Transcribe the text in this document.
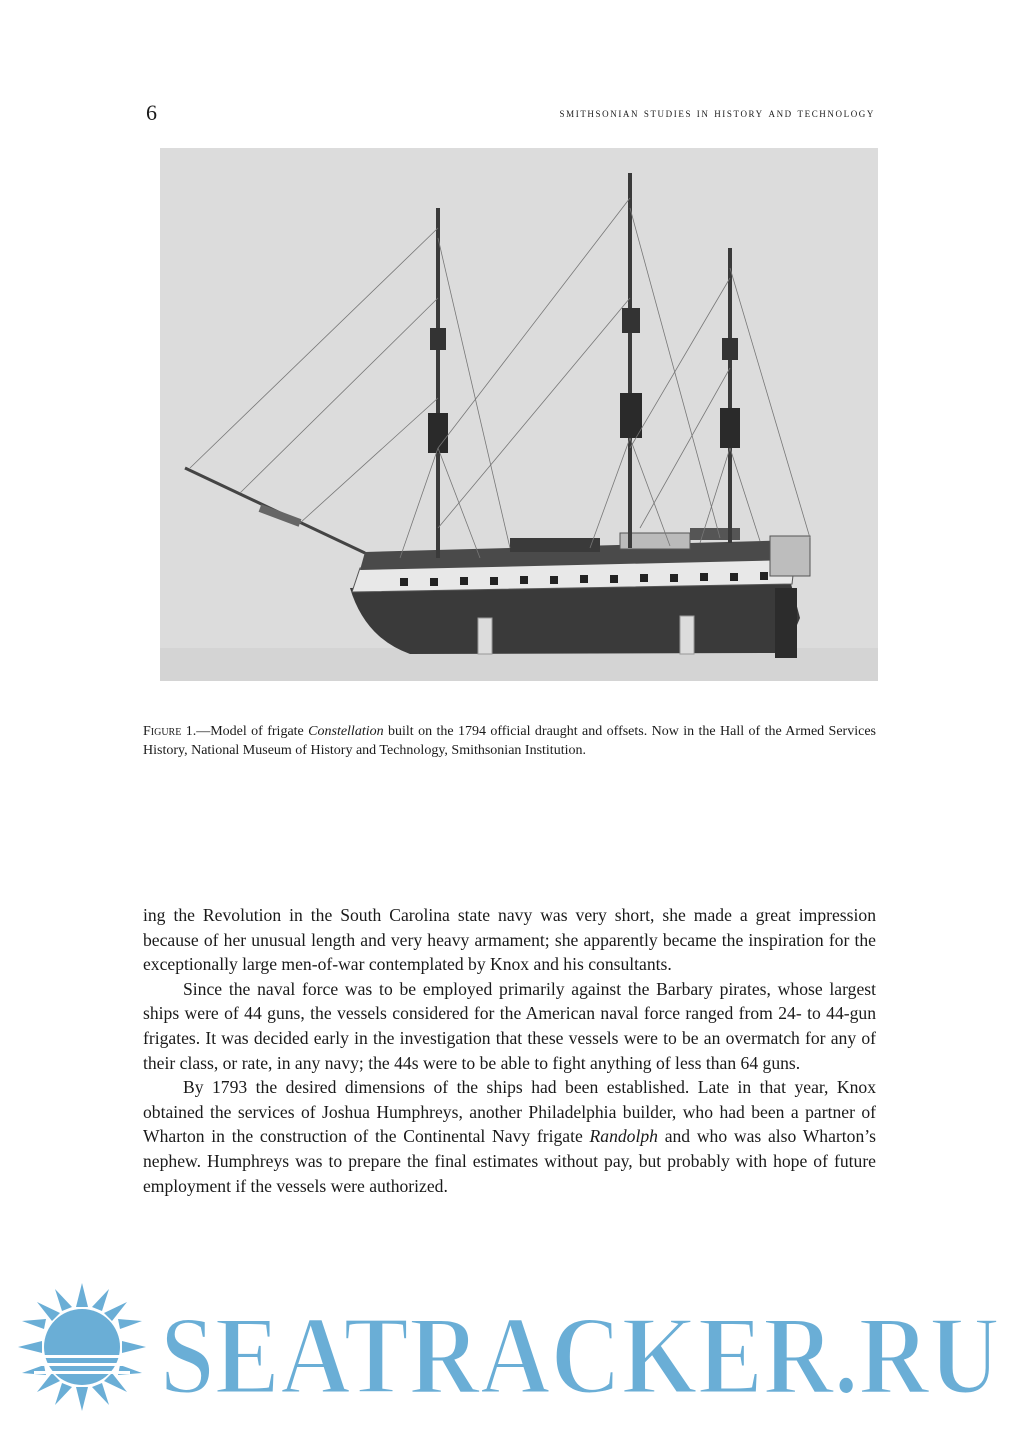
6	smithsonian studies in history and technology
Figure 1.—Model of frigate Constellation built on the 1794 official draught and offsets. Now in the Hall of the Armed Services History, National Museum of History and Technology, Smithsonian Institution.

ing the Revolution in the South Carolina state navy was very short, she made a great impression because of her unusual length and very heavy armament; she apparently became the inspiration for the exceptionally large men-of-war contemplated by Knox and his consultants.

Since the naval force was to be employed primarily against the Barbary pirates, whose largest ships were of 44 guns, the vessels considered for the American naval force ranged from 24- to 44-gun frigates. It was decided early in the investigation that these vessels were to be an overmatch for any of their class, or rate, in any navy; the 44s were to be able to fight anything of less than 64 guns.

By 1793 the desired dimensions of the ships had been established. Late in that year, Knox obtained the services of Joshua Humphreys, another Philadelphia builder, who had been a partner of Wharton in the construction of the Continental Navy frigate Randolph and who was also Wharton’s nephew. Humphreys was to prepare the final estimates without pay, but probably with hope of future employment if the vessels were authorized.

SEATRACKER.RU
